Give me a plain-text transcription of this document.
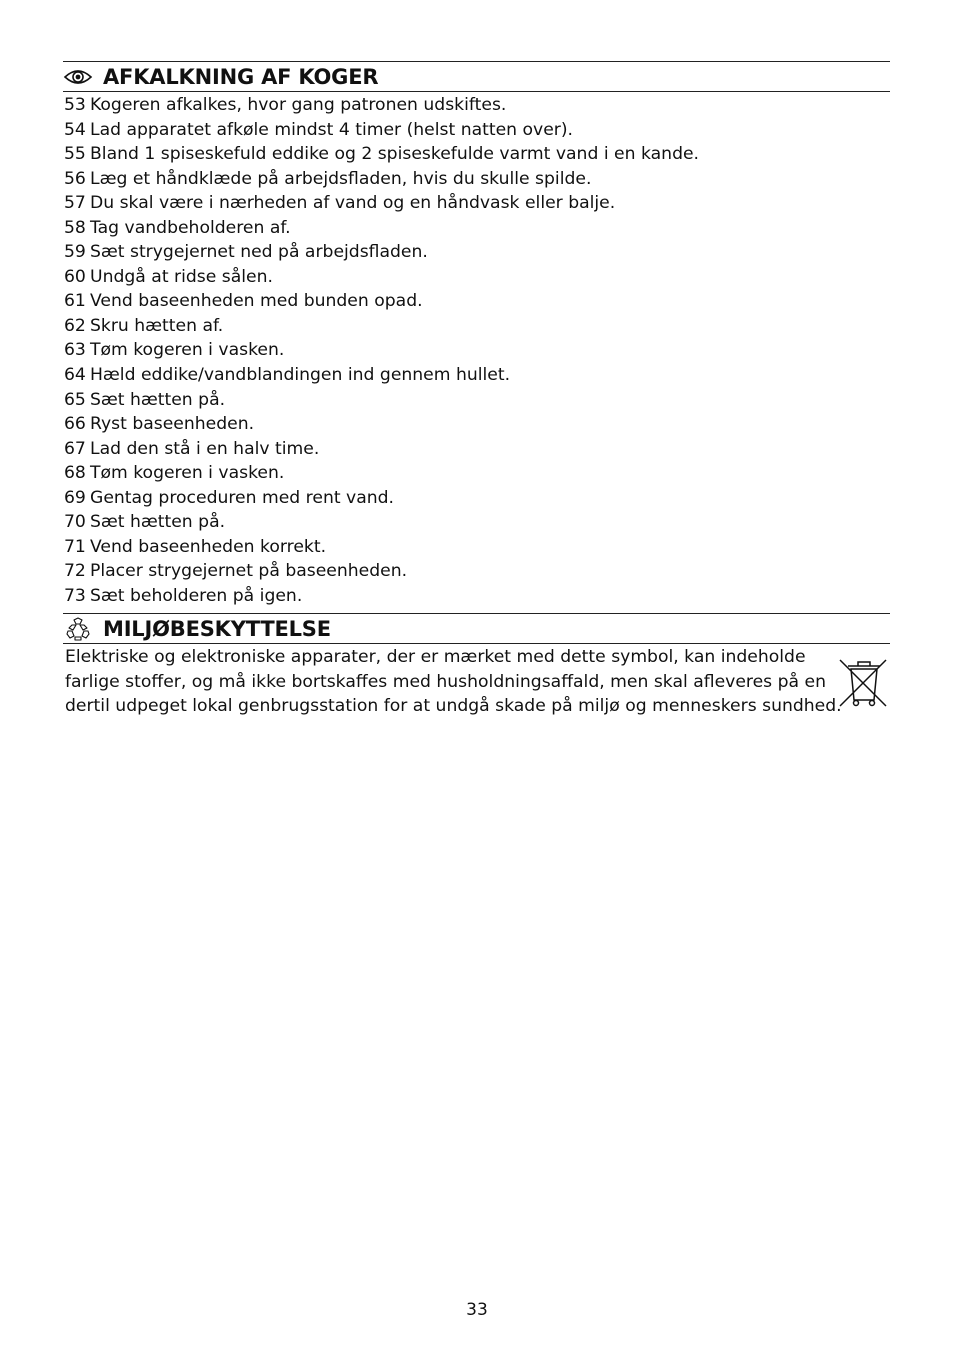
AFKALKNING AF KOGER
53 Kogeren afkalkes, hvor gang patronen udskiftes.
54 Lad apparatet afkøle mindst 4 timer (helst natten over).
55 Bland 1 spiseskefuld eddike og 2 spiseskefulde varmt vand i en kande.
56 Læg et håndklæde på arbejdsfladen, hvis du skulle spilde.
57 Du skal være i nærheden af vand og en håndvask eller balje.
58 Tag vandbeholderen af.
59 Sæt strygejernet ned på arbejdsfladen.
60 Undgå at ridse sålen.
61 Vend baseenheden med bunden opad.
62 Skru hætten af.
63 Tøm kogeren i vasken.
64 Hæld eddike/vandblandingen ind gennem hullet.
65 Sæt hætten på.
66 Ryst baseenheden.
67 Lad den stå i en halv time.
68 Tøm kogeren i vasken.
69 Gentag proceduren med rent vand.
70 Sæt hætten på.
71 Vend baseenheden korrekt.
72 Placer strygejernet på baseenheden.
73 Sæt beholderen på igen.
MILJØBESKYTTELSE

Elektriske og elektroniske apparater, der er mærket med dette symbol, kan indeholde
farlige stoffer, og må ikke bortskaffes med husholdningsaffald, men skal afleveres på en
dertil udpeget lokal genbrugsstation for at undgå skade på miljø og menneskers sundhed.

33
